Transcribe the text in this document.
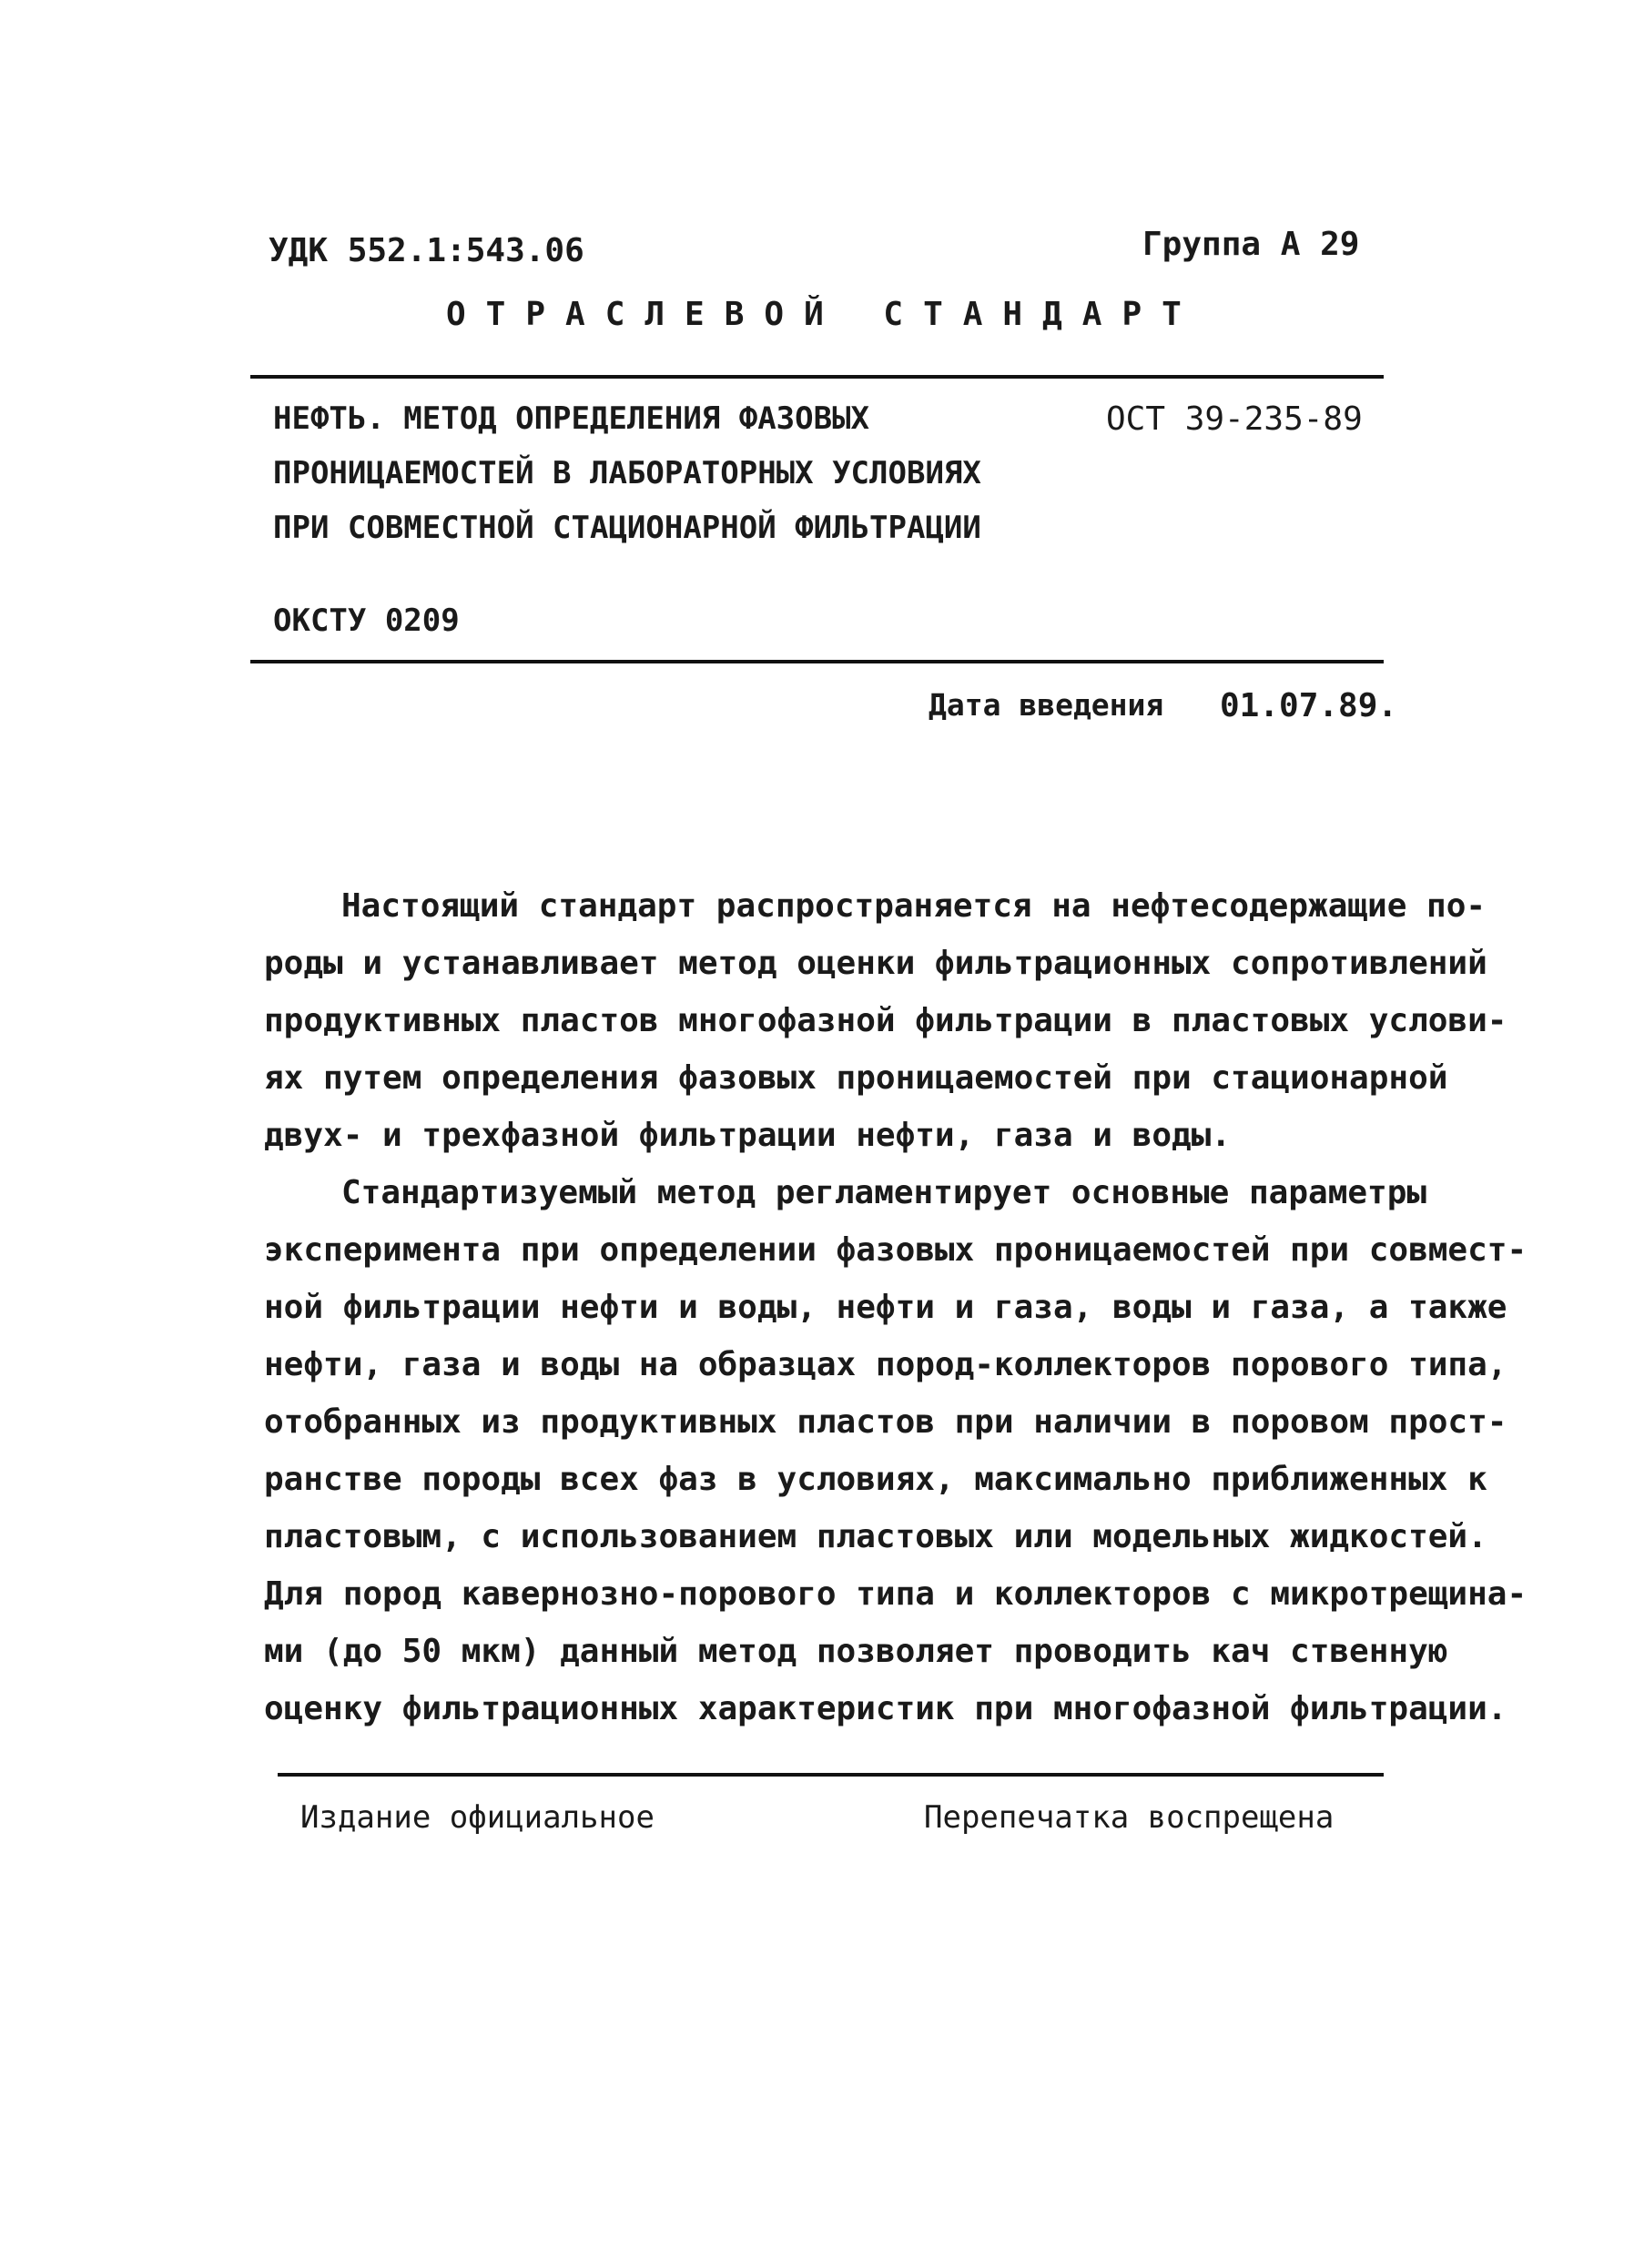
УДК 552.1:543.06	Группа А 29
ОТРАСЛЕВОЙ СТАНДАРТ
НЕФТЬ. МЕТОД ОПРЕДЕЛЕНИЯ ФАЗОВЫХ
ПРОНИЦАЕМОСТЕЙ В ЛАБОРАТОРНЫХ УСЛОВИЯХ
ПРИ СОВМЕСТНОЙ СТАЦИОНАРНОЙ ФИЛЬТРАЦИИ
ОСТ 39-235-89
ОКСТУ 0209
Дата введения 01.07.89.
Настоящий стандарт распространяется на нефтесодержащие по-
роды и устанавливает метод оценки фильтрационных сопротивлений
продуктивных пластов многофазной фильтрации в пластовых услови-
ях путем определения фазовых проницаемостей при стационарной
двух- и трехфазной фильтрации нефти, газа и воды.
Стандартизуемый метод регламентирует основные параметры
эксперимента при определении фазовых проницаемостей при совмест-
ной фильтрации нефти и воды, нефти и газа, воды и газа, а также
нефти, газа и воды на образцах пород-коллекторов порового типа,
отобранных из продуктивных пластов при наличии в поровом прост-
ранстве породы всех фаз в условиях, максимально приближенных к
пластовым, с использованием пластовых или модельных жидкостей.
Для пород кавернозно-порового типа и коллекторов с микротрещина-
ми (до 50 мкм) данный метод позволяет проводить кач ственную
оценку фильтрационных характеристик при многофазной фильтрации.
Издание официальное	Перепечатка воспрещена
